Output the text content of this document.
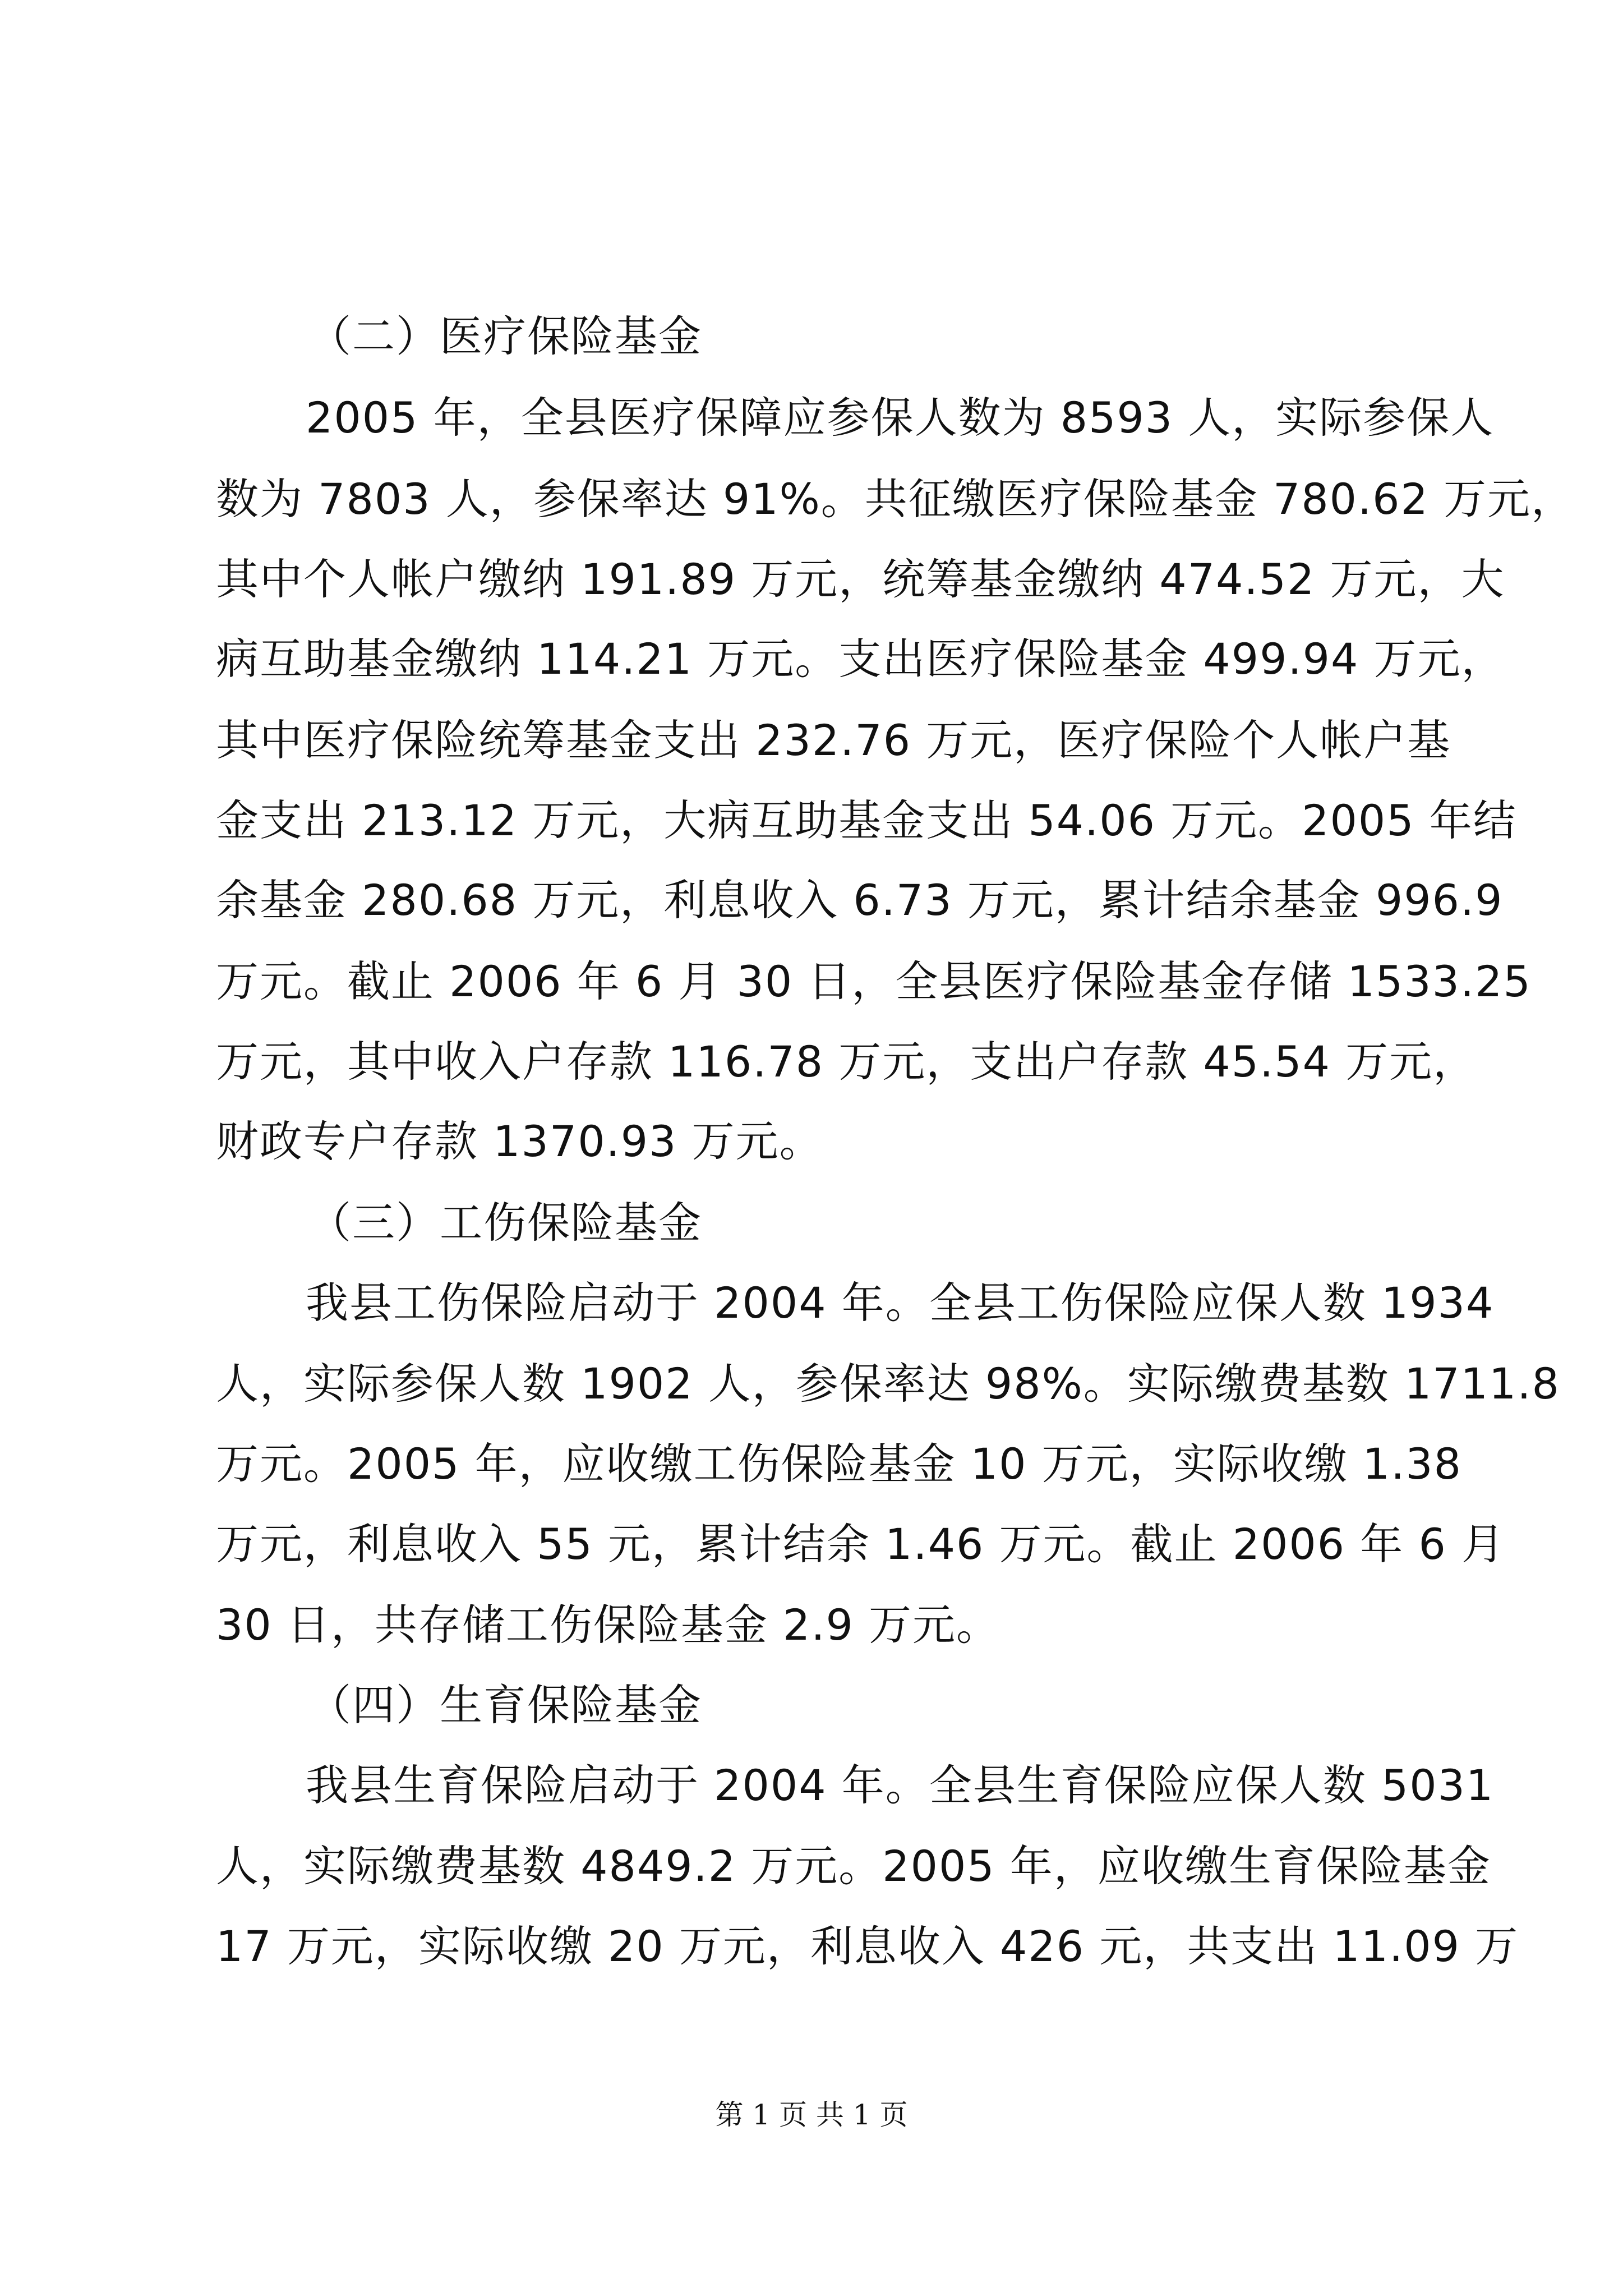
（二）医疗保险基金
2005 年，全县医疗保障应参保人数为 8593 人，实际参保人
数为 7803 人，参保率达 91%。共征缴医疗保险基金 780.62 万元，
其中个人帐户缴纳 191.89 万元，统筹基金缴纳 474.52 万元，大
病互助基金缴纳 114.21 万元。支出医疗保险基金 499.94 万元，
其中医疗保险统筹基金支出 232.76 万元，医疗保险个人帐户基
金支出 213.12 万元，大病互助基金支出 54.06 万元。2005 年结
余基金 280.68 万元，利息收入 6.73 万元，累计结余基金 996.9
万元。截止 2006 年 6 月 30 日，全县医疗保险基金存储 1533.25
万元，其中收入户存款 116.78 万元，支出户存款 45.54 万元，
财政专户存款 1370.93 万元。
（三）工伤保险基金
我县工伤保险启动于 2004 年。全县工伤保险应保人数 1934
人，实际参保人数 1902 人，参保率达 98%。实际缴费基数 1711.8
万元。2005 年，应收缴工伤保险基金 10 万元，实际收缴 1.38
万元，利息收入 55 元，累计结余 1.46 万元。截止 2006 年 6 月
30 日，共存储工伤保险基金 2.9 万元。
（四）生育保险基金
我县生育保险启动于 2004 年。全县生育保险应保人数 5031
人，实际缴费基数 4849.2 万元。2005 年，应收缴生育保险基金
17 万元，实际收缴 20 万元，利息收入 426 元，共支出 11.09 万
第 1 页 共 1 页
